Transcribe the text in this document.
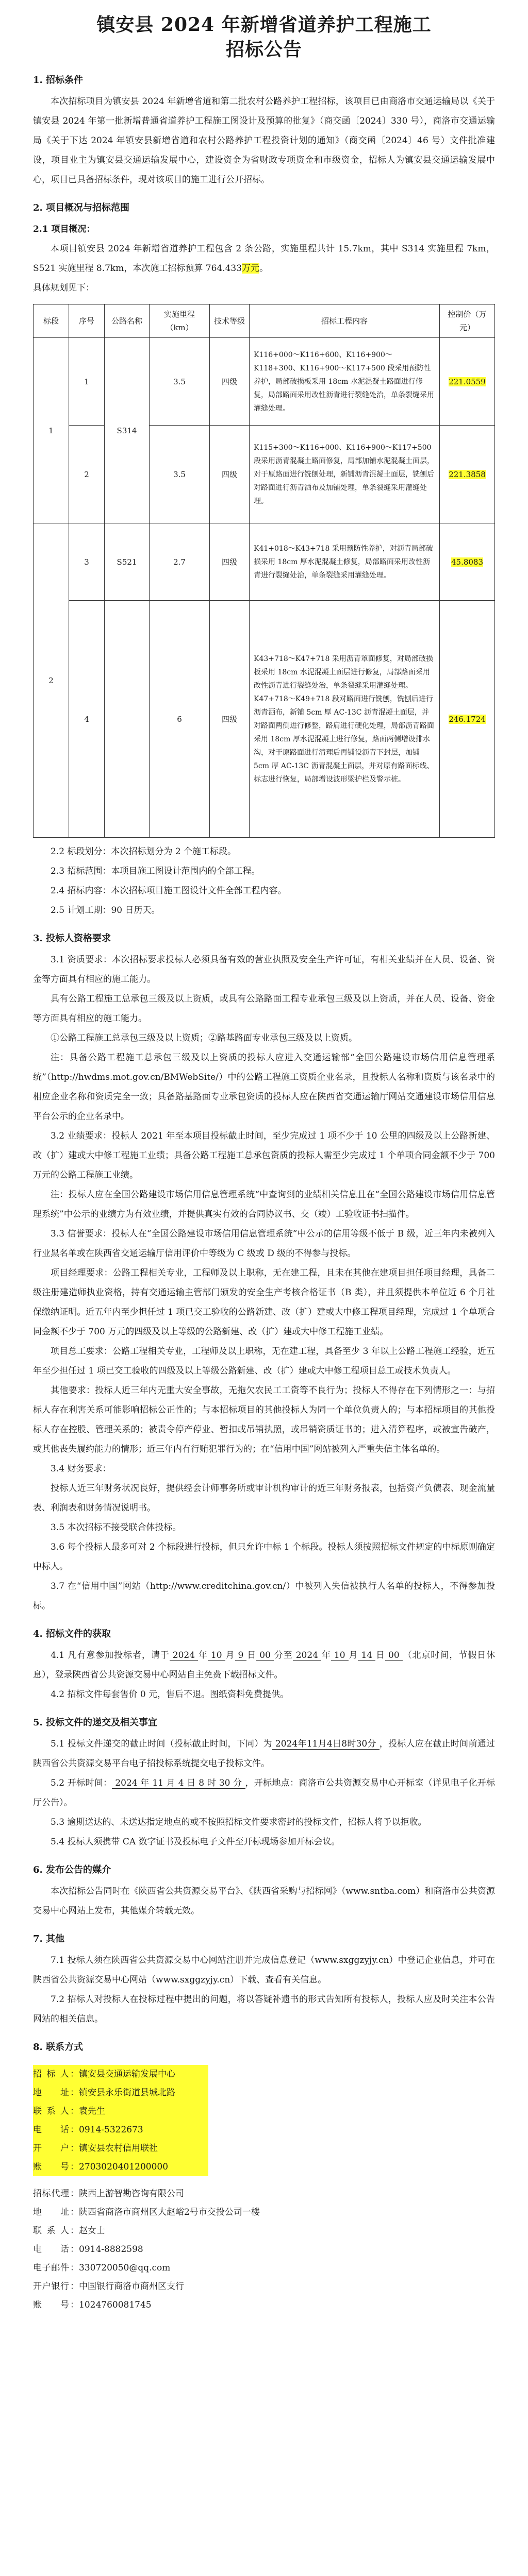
镇安县 2024 年新增省道养护工程施工
招标公告
1. 招标条件

本次招标项目为镇安县 2024 年新增省道和第二批农村公路养护工程招标，该项目已由商洛市交通运输局以《关于镇安县 2024 年第一批新增普通省道养护工程施工图设计及预算的批复》（商交函〔2024〕330 号），商洛市交通运输局《关于下达 2024 年镇安县新增省道和农村公路养护工程投资计划的通知》（商交函〔2024〕46 号）文件批准建设，项目业主为镇安县交通运输发展中心，建设资金为省财政专项资金和市级资金，招标人为镇安县交通运输发展中心，项目已具备招标条件，现对该项目的施工进行公开招标。

2. 项目概况与招标范围
2.1 项目概况：

本项目镇安县 2024 年新增省道养护工程包含 2 条公路，实施里程共计 15.7km，其中 S314 实施里程 7km，S521 实施里程 8.7km，本次施工招标预算 764.433万元。

具体规划见下：

标段	序号	公路名称	实施里程（km）	技术等级	招标工程内容	控制价（万元）
1	1	S314	3.5	四级	K116+000～K116+600、K116+900～K118+300、K116+900～K117+500 段采用预防性养护，局部破损板采用 18cm 水泥混凝土路面进行修复，局部路面采用改性沥青进行裂缝处治，单条裂缝采用灌缝处理。	221.0559
	2		3.5	四级	K115+300～K116+000、K116+900～K117+500 段采用沥青混凝土路面修复，局部加铺水泥混凝土面层，对于原路面进行铣刨处理，新铺沥青混凝土面层，铣刨后对路面进行沥青洒布及加铺处理，单条裂缝采用灌缝处理。	221.3858
2	3	S521	2.7	四级	K41+018～K43+718 采用预防性养护，对沥青局部破损采用 18cm 厚水泥混凝土修复，局部路面采用改性沥青进行裂缝处治，单条裂缝采用灌缝处理。	45.8083
	4		6	四级	K43+718～K47+718 采用沥青罩面修复，对局部破损板采用 18cm 水泥混凝土面层进行修复，局部路面采用改性沥青进行裂缝处治，单条裂缝采用灌缝处理。K47+718～K49+718 段对路面进行铣刨，铣刨后进行沥青洒布，新铺 5cm 厚 AC-13C 沥青混凝土面层，并对路面两侧进行修整，路肩进行硬化处理，局部沥青路面采用 18cm 厚水泥混凝土进行修复，路面两侧增设排水沟，对于原路面进行清理后再铺设沥青下封层，加铺 5cm 厚 AC-13C 沥青混凝土面层，并对原有路面标线、标志进行恢复，局部增设波形梁护栏及警示桩。	246.1724

2.2 标段划分：本次招标划分为 2 个施工标段。

2.3 招标范围：本项目施工图设计范围内的全部工程。

2.4 招标内容：本次招标项目施工图设计文件全部工程内容。

2.5 计划工期：90 日历天。

3. 投标人资格要求

3.1 资质要求：本次招标要求投标人必须具备有效的营业执照及安全生产许可证，有相关业绩并在人员、设备、资金等方面具有相应的施工能力。

具有公路工程施工总承包三级及以上资质，或具有公路路面工程专业承包三级及以上资质，并在人员、设备、资金等方面具有相应的施工能力。

①公路工程施工总承包三级及以上资质；②路基路面专业承包三级及以上资质。

注：具备公路工程施工总承包三级及以上资质的投标人应进入交通运输部“全国公路建设市场信用信息管理系统”（http://hwdms.mot.gov.cn/BMWebSite/）中的公路工程施工资质企业名录，且投标人名称和资质与该名录中的相应企业名称和资质完全一致；具备路基路面专业承包资质的投标人应在陕西省交通运输厅网站交通建设市场信用信息平台公示的企业名录中。

3.2 业绩要求：投标人 2021 年至本项目投标截止时间，至少完成过 1 项不少于 10 公里的四级及以上公路新建、改（扩）建或大中修工程施工业绩；具备公路工程施工总承包资质的投标人需至少完成过 1 个单项合同金额不少于 700 万元的公路工程施工业绩。

注：投标人应在全国公路建设市场信用信息管理系统“中查询到的业绩相关信息且在“全国公路建设市场信用信息管理系统”中公示的业绩方为有效业绩，并提供真实有效的合同协议书、交（竣）工验收证书扫描件。

3.3 信誉要求：投标人在“全国公路建设市场信用信息管理系统”中公示的信用等级不低于 B 级，近三年内未被列入行业黑名单或在陕西省交通运输厅信用评价中等级为 C 级或 D 级的不得参与投标。

项目经理要求：公路工程相关专业，工程师及以上职称，无在建工程，且未在其他在建项目担任项目经理，具备二级注册建造师执业资格，持有交通运输主管部门颁发的安全生产考核合格证书（B 类），并且须提供本单位近 6 个月社保缴纳证明。近五年内至少担任过 1 项已交工验收的公路新建、改（扩）建或大中修工程项目经理，完成过 1 个单项合同金额不少于 700 万元的四级及以上等级的公路新建、改（扩）建或大中修工程施工业绩。

项目总工要求：公路工程相关专业，工程师及以上职称，无在建工程，具备至少 3 年以上公路工程施工经验，近五年至少担任过 1 项已交工验收的四级及以上等级公路新建、改（扩）建或大中修工程项目总工或技术负责人。

其他要求：投标人近三年内无重大安全事故，无拖欠农民工工资等不良行为；投标人不得存在下列情形之一：与招标人存在利害关系可能影响招标公正性的；与本招标项目的其他投标人为同一个单位负责人的；与本招标项目的其他投标人存在控股、管理关系的；被责令停产停业、暂扣或吊销执照，或吊销资质证书的；进入清算程序，或被宣告破产，或其他丧失履约能力的情形；近三年内有行贿犯罪行为的；在“信用中国”网站被列入严重失信主体名单的。

3.4 财务要求：

投标人近三年财务状况良好，提供经会计师事务所或审计机构审计的近三年财务报表，包括资产负债表、现金流量表、利润表和财务情况说明书。

3.5 本次招标不接受联合体投标。

3.6 每个投标人最多可对 2 个标段进行投标，但只允许中标 1 个标段。投标人须按照招标文件规定的中标原则确定中标人。

3.7 在“信用中国”网站（http://www.creditchina.gov.cn/）中被列入失信被执行人名单的投标人，不得参加投标。

4. 招标文件的获取

4.1 凡有意参加投标者，请于 2024 年 10 月 9 日 00 分至 2024 年 10 月 14 日 00 （北京时间，节假日休息），登录陕西省公共资源交易中心网站自主免费下载招标文件。

4.2 招标文件每套售价 0 元，售后不退。图纸资料免费提供。

5. 投标文件的递交及相关事宜

5.1 投标文件递交的截止时间（投标截止时间，下同）为 2024年11月4日8时30分 ，投标人应在截止时间前通过陕西省公共资源交易平台电子招投标系统提交电子投标文件。

5.2 开标时间： 2024 年 11 月 4 日 8 时 30 分 ，开标地点：商洛市公共资源交易中心开标室（详见电子化开标厅公告）。

5.3 逾期送达的、未送达指定地点的或不按照招标文件要求密封的投标文件，招标人将予以拒收。

5.4 投标人须携带 CA 数字证书及投标电子文件至开标现场参加开标会议。

6. 发布公告的媒介

本次招标公告同时在《陕西省公共资源交易平台》、《陕西省采购与招标网》（www.sntba.com）和商洛市公共资源交易中心网站上发布，其他媒介转载无效。

7. 其他

7.1 投标人须在陕西省公共资源交易中心网站注册并完成信息登记（www.sxggzyjy.cn）中登记企业信息，并可在陕西省公共资源交易中心网站（www.sxggzyjy.cn）下载、查看有关信息。

7.2 招标人对投标人在投标过程中提出的问题，将以答疑补遗书的形式告知所有投标人，投标人应及时关注本公告网站的相关信息。

8. 联系方式
招标人 ： 镇安县交通运输发展中心
地址 ： 镇安县永乐街道县城北路
联系人 ： 袁先生
电话 ： 0914-5322673
开户 ： 镇安县农村信用联社
账号 ： 2703020401200000
招标代理 ： 陕西上游智勘咨询有限公司
地址 ： 陕西省商洛市商州区大赵峪2号市交投公司一楼
联系人 ： 赵女士
电话 ： 0914-8882598
电子邮件 ： 330720050@qq.com
开户银行 ： 中国银行商洛市商州区支行
账号 ： 1024760081745
